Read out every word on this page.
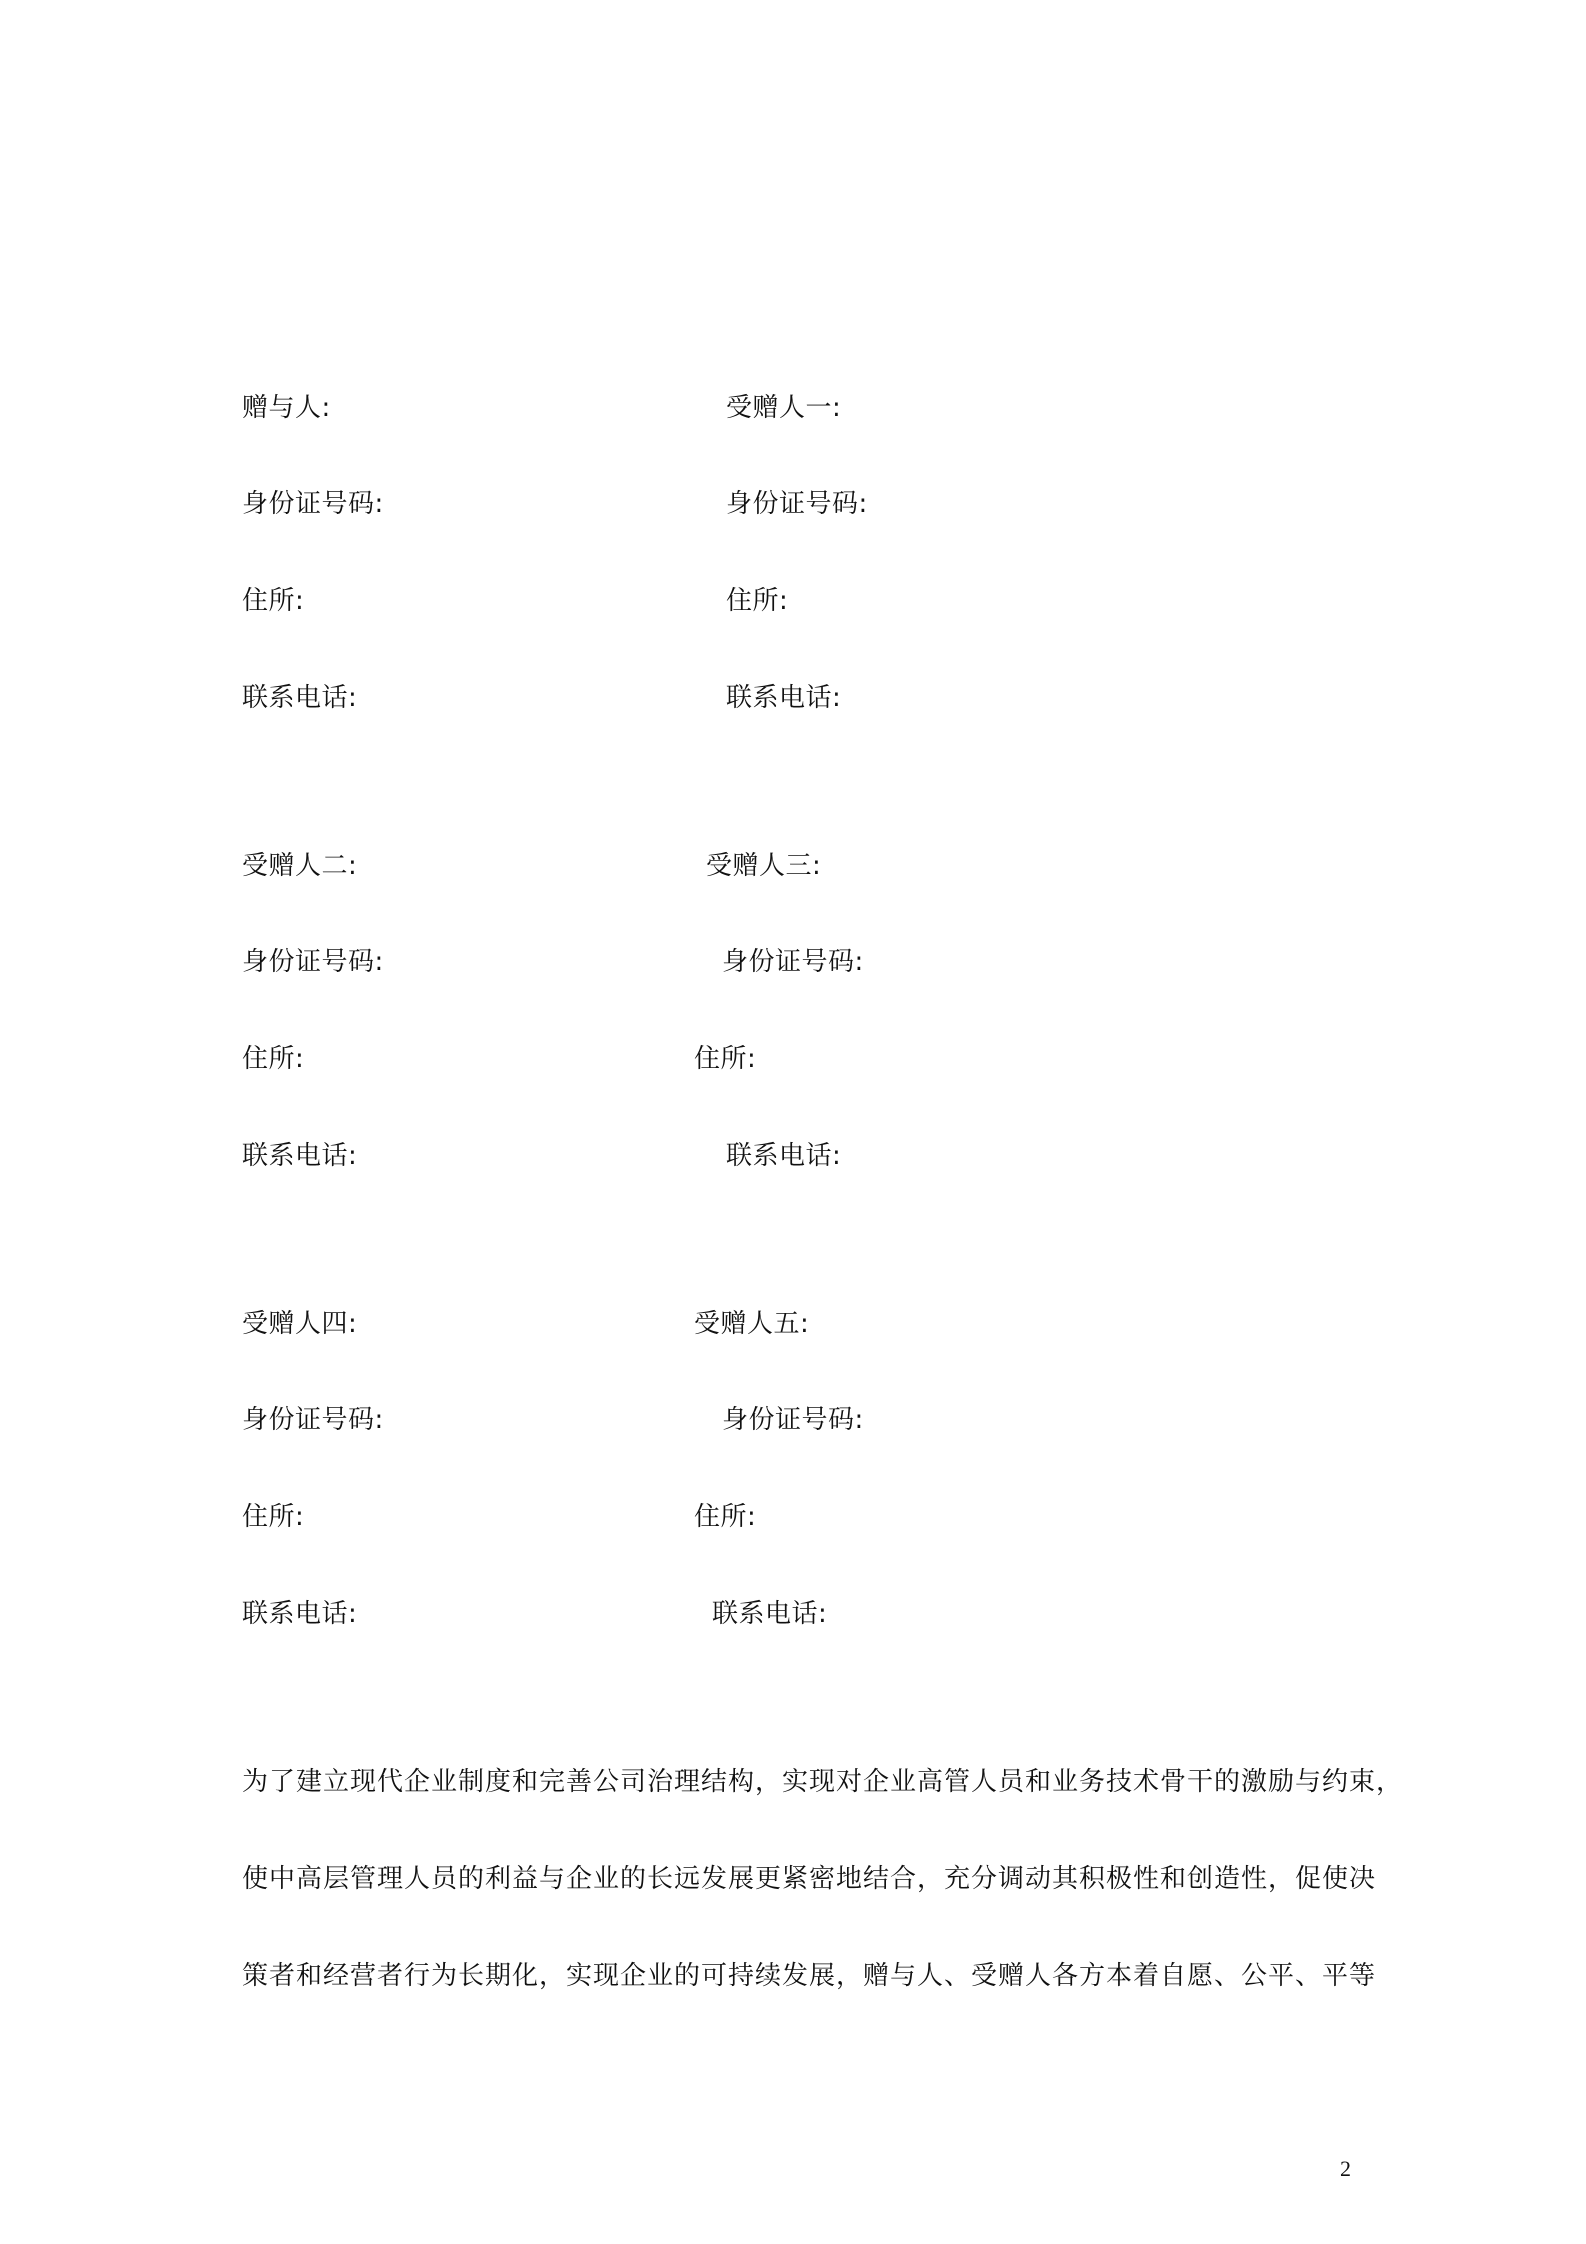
赠与人:
身份证号码:
住所:
联系电话:
受赠人一:
身份证号码:
住所:
联系电话:
受赠人二:
身份证号码:
住所:
联系电话:
受赠人三:
身份证号码:
住所:
联系电话:
受赠人四:
身份证号码:
住所:
联系电话:
受赠人五:
身份证号码:
住所:
联系电话:
为了建立现代企业制度和完善公司治理结构，实现对企业高管人员和业务技术骨干的激励与约束，
使中高层管理人员的利益与企业的长远发展更紧密地结合，充分调动其积极性和创造性，促使决
策者和经营者行为长期化，实现企业的可持续发展，赠与人、受赠人各方本着自愿、公平、平等
2
